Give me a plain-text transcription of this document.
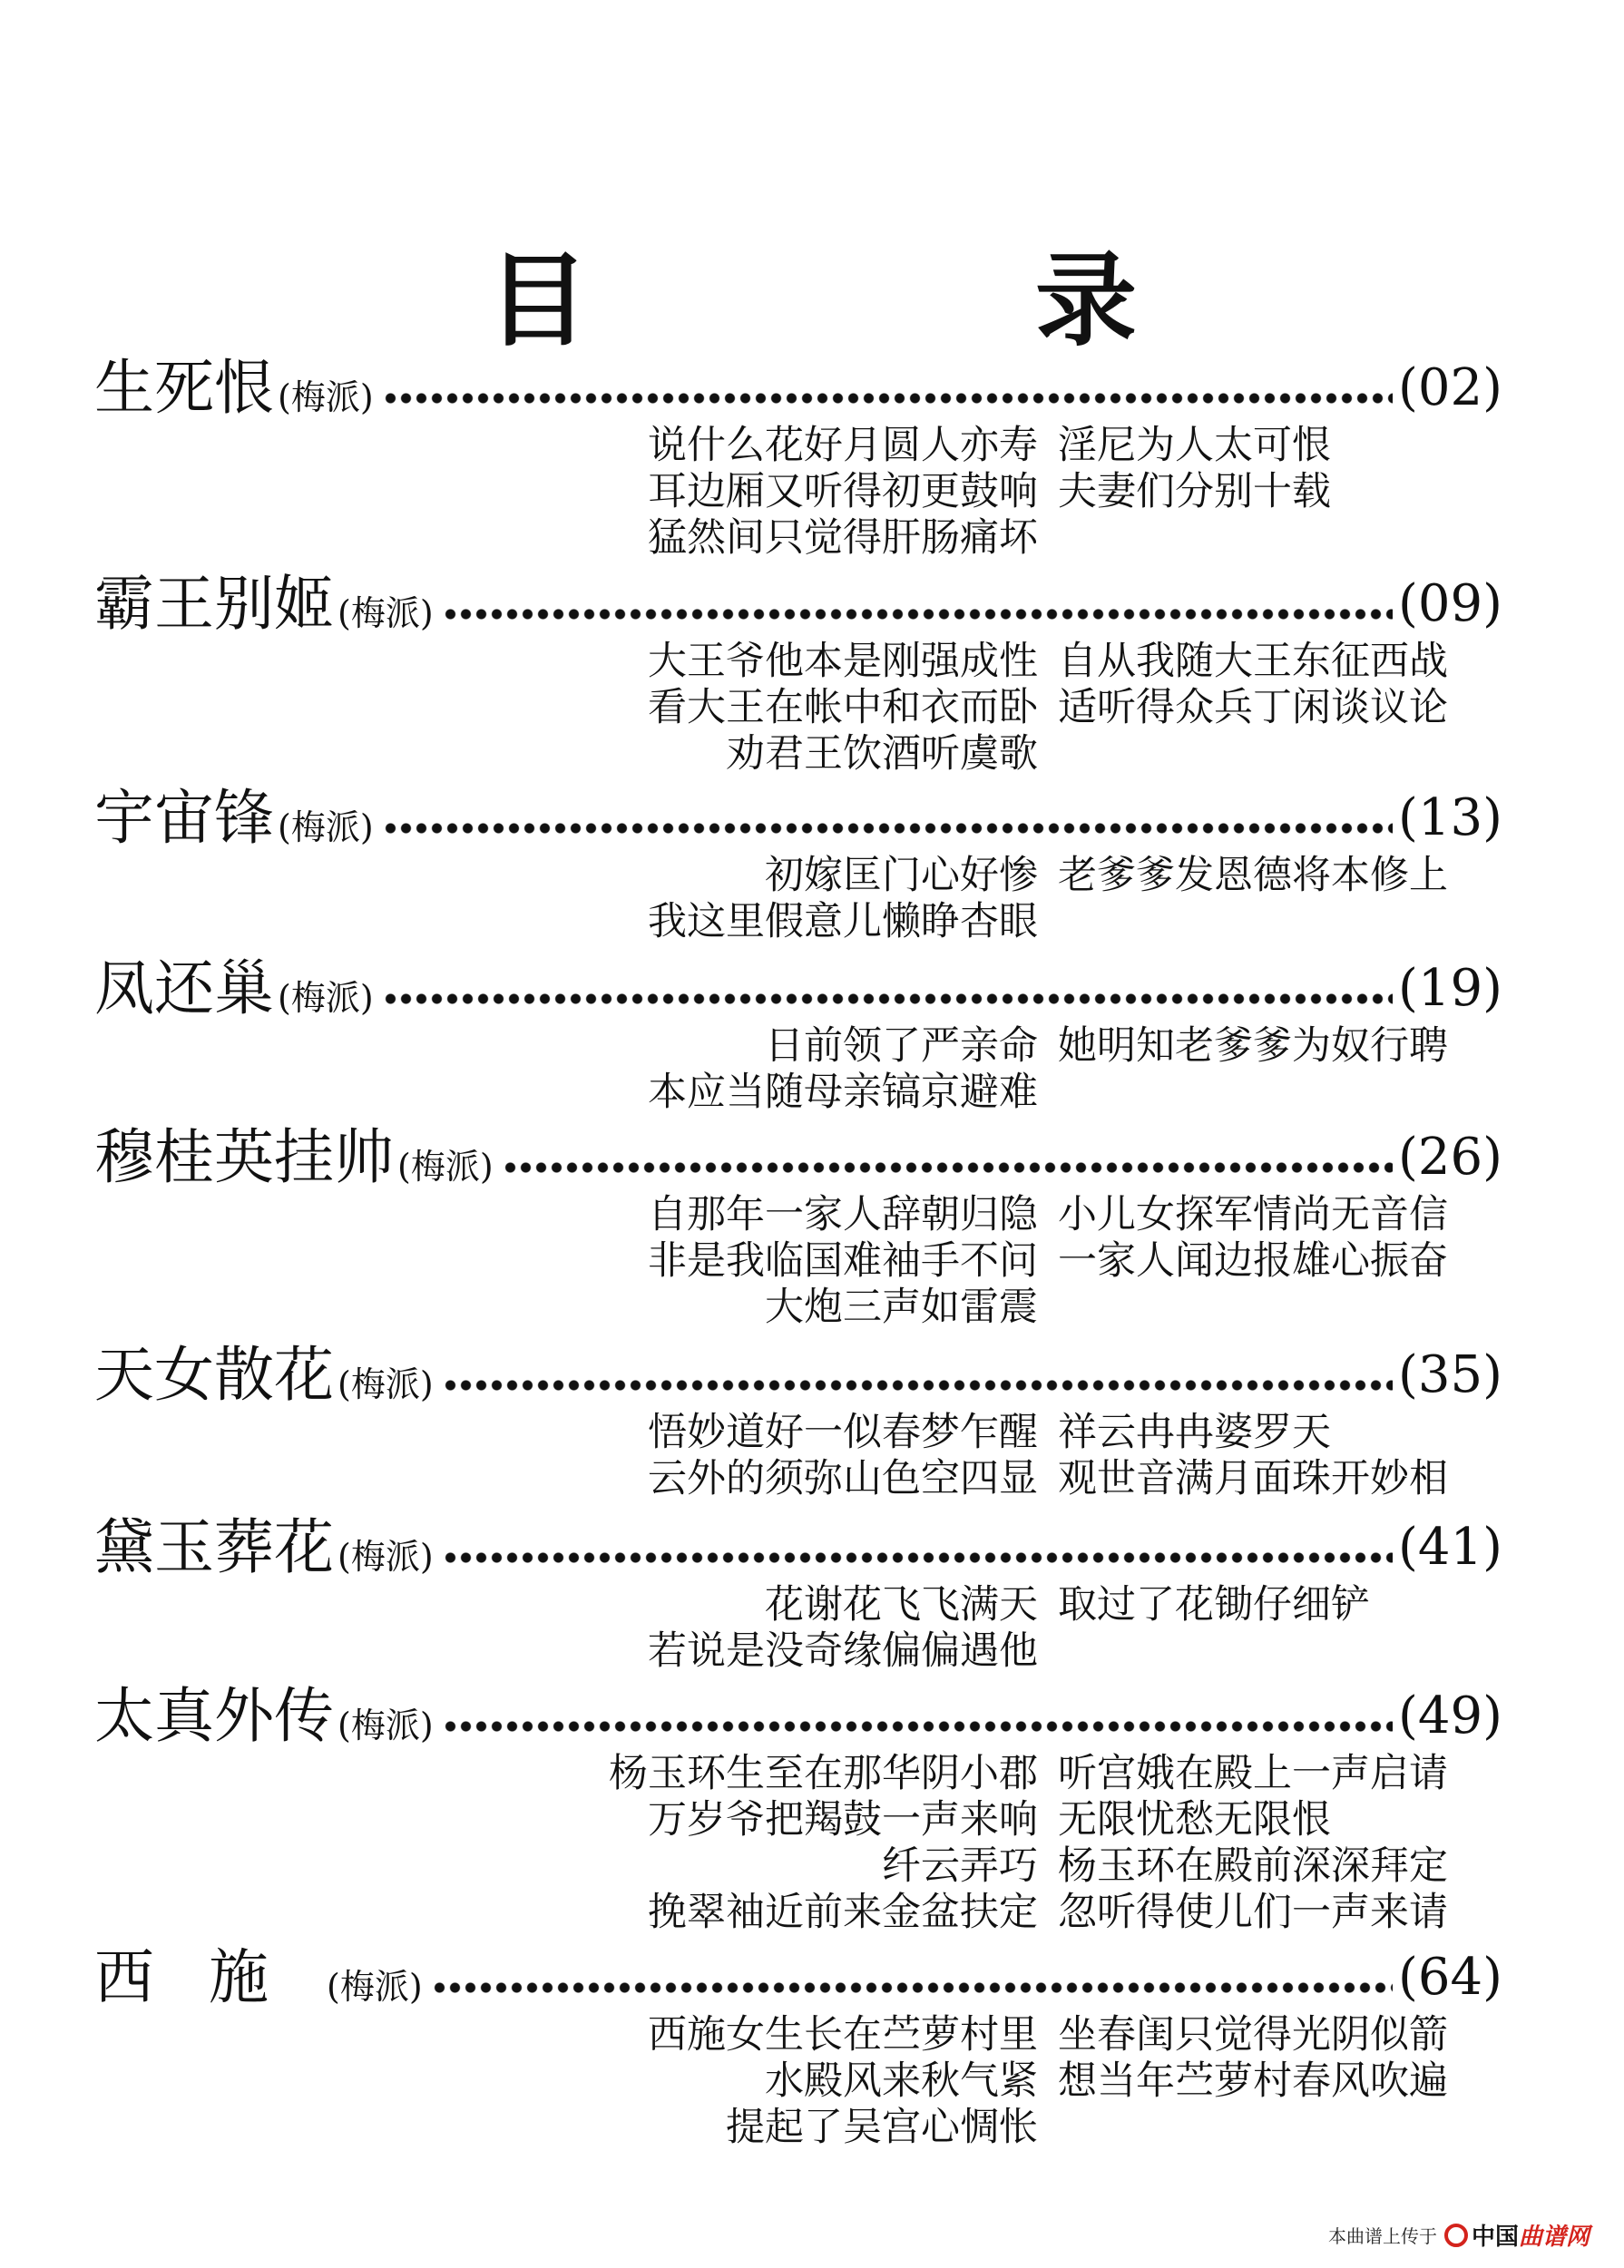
目　录
生死恨 (梅派)	(02)
说什么花好月圆人亦寿 淫尼为人太可恨
耳边厢又听得初更鼓响 夫妻们分别十载
猛然间只觉得肝肠痛坏
霸王别姬 (梅派)	(09)
大王爷他本是刚强成性 自从我随大王东征西战
看大王在帐中和衣而卧 适听得众兵丁闲谈议论
劝君王饮酒听虞歌
宇宙锋 (梅派)	(13)
初嫁匡门心好惨 老爹爹发恩德将本修上
我这里假意儿懒睁杏眼
凤还巢 (梅派)	(19)
日前领了严亲命 她明知老爹爹为奴行聘
本应当随母亲镐京避难
穆桂英挂帅 (梅派)	(26)
自那年一家人辞朝归隐 小儿女探军情尚无音信
非是我临国难袖手不问 一家人闻边报雄心振奋
大炮三声如雷震
天女散花 (梅派)	(35)
悟妙道好一似春梦乍醒 祥云冉冉婆罗天
云外的须弥山色空四显 观世音满月面珠开妙相
黛玉葬花 (梅派)	(41)
花谢花飞飞满天 取过了花锄仔细铲
若说是没奇缘偏偏遇他
太真外传 (梅派)	(49)
杨玉环生至在那华阴小郡 听宫娥在殿上一声启请
万岁爷把羯鼓一声来响 无限忧愁无限恨
纤云弄巧 杨玉环在殿前深深拜定
挽翠袖近前来金盆扶定 忽听得使儿们一声来请
西施 (梅派)	(64)
西施女生长在苎萝村里 坐春闺只觉得光阴似箭
水殿风来秋气紧 想当年苎萝村春风吹遍
提起了吴宫心惆怅
本曲谱上传于 中国 曲谱网
